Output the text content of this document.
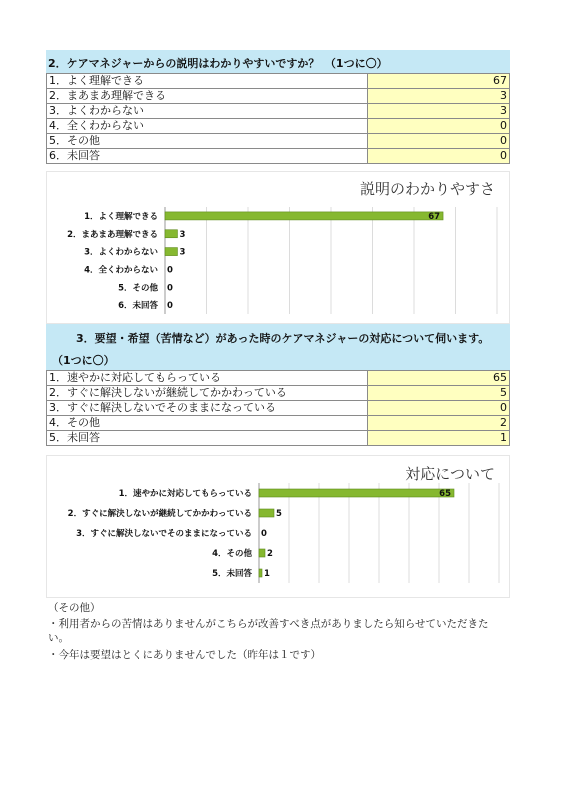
2．ケアマネジャーからの説明はわかりやすいですか？　（1つに〇）
1．よく理解できる	67
2．まあまあ理解できる	3
3．よくわからない	3
4．全くわからない	0
5．その他	0
6．未回答	0
説明のわかりやすさ
1．よく理解できる	67
2．まあまあ理解できる	3
3．よくわからない	3
4．全くわからない 0
5．その他 0
6．未回答 0
3．要望・希望（苦情など）があった時のケアマネジャーの対応について伺います。
（1つに〇）
1．速やかに対応してもらっている	65
2．すぐに解決しないが継続してかかわっている	5
3．すぐに解決しないでそのままになっている	0
4．その他	2
5．未回答	1
対応について
1．速やかに対応してもらっている	65
2．すぐに解決しないが継続してかかわっている	5
3．すぐに解決しないでそのままになっている 0
4．その他 2
5．未回答 1
（その他）
・利用者からの苦情はありませんがこちらが改善すべき点がありましたら知らせていただきたい。
・今年は要望はとくにありませんでした（昨年は１です）
